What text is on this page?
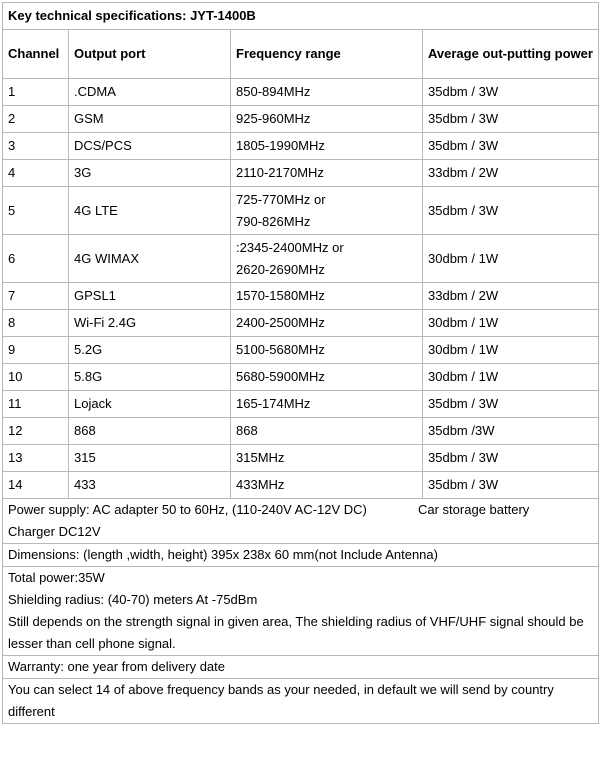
Key technical specifications: JYT-1400B			
Channel	Output port	Frequency range	Average out-putting power
1	.CDMA	850-894MHz	35dbm / 3W
2	GSM	925-960MHz	35dbm / 3W
3	DCS/PCS	1805-1990MHz	35dbm / 3W
4	3G	2110-2170MHz	33dbm / 2W
5	4G LTE	725-770MHz or
790-826MHz	35dbm / 3W
6	4G WIMAX	:2345-2400MHz or
2620-2690MHz	30dbm / 1W
7	GPSL1	1570-1580MHz	33dbm / 2W
8	Wi-Fi 2.4G	2400-2500MHz	30dbm / 1W
9	5.2G	5100-5680MHz	30dbm / 1W
10	5.8G	5680-5900MHz	30dbm / 1W
11	Lojack	165-174MHz	35dbm / 3W
12	868	868	35dbm /3W
13	315	315MHz	35dbm / 3W
14	433	433MHz	35dbm / 3W
Power supply: AC adapter 50 to 60Hz, (110-240V AC-12V DC) Car storage battery
Charger DC12V			
Dimensions: (length ,width, height) 395x 238x 60 mm(not Include Antenna)			
Total power:35W
Shielding radius: (40-70) meters At -75dBm
Still depends on the strength signal in given area, The shielding radius of VHF/UHF signal should be lesser than cell phone signal.			
Warranty: one year from delivery date			
You can select 14 of above frequency bands as your needed, in default we will send by country different			
